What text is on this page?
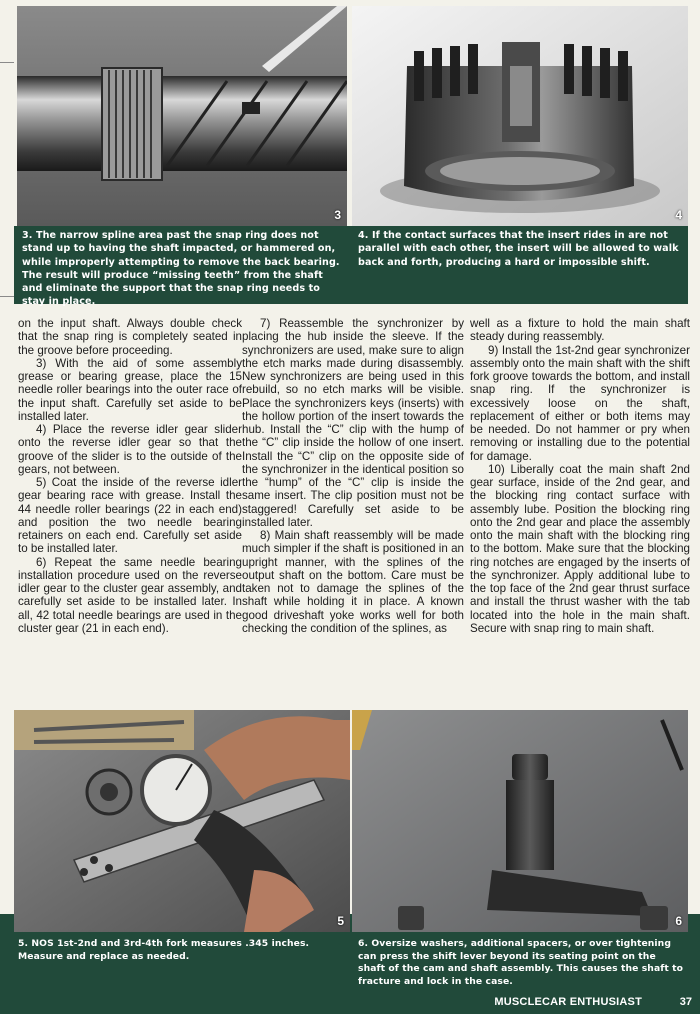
3	4
3. The narrow spline area past the snap ring does not stand up to having the shaft impacted, or hammered on, while improperly attempting to remove the back bearing. The result will produce “missing teeth” from the shaft and eliminate the support that the snap ring needs to stay in place.
4. If the contact surfaces that the insert rides in are not parallel with each other, the insert will be allowed to walk back and forth, producing a hard or impossible shift.

on the input shaft. Always double check that the snap ring is completely seated in the groove before proceeding.

3) With the aid of some assembly grease or bearing grease, place the 15 needle roller bearings into the outer race of the input shaft. Carefully set aside to be installed later.

4) Place the reverse idler gear slider onto the reverse idler gear so that the groove of the slider is to the outside of the gears, not between.

5) Coat the inside of the reverse idler gear bearing race with grease. Install the 44 needle roller bearings (22 in each end) and position the two needle bearing retainers on each end. Carefully set aside to be installed later.

6) Repeat the same needle bearing installation procedure used on the reverse idler gear to the cluster gear assembly, and carefully set aside to be installed later. In all, 42 total needle bearings are used in the cluster gear (21 in each end).

7) Reassemble the synchronizer by placing the hub inside the sleeve. If the synchronizers are used, make sure to align the etch marks made during disassembly. New synchronizers are being used in this rebuild, so no etch marks will be visible. Place the synchronizers keys (inserts) with the hollow portion of the insert towards the hub. Install the “C” clip with the hump of the “C” clip inside the hollow of one insert. Install the “C” clip on the opposite side of the synchronizer in the identical position so the “hump” of the “C” clip is inside the same insert. The clip position must not be staggered! Carefully set aside to be installed later.

8) Main shaft reassembly will be made much simpler if the shaft is positioned in an upright manner, with the splines of the output shaft on the bottom. Care must be taken not to damage the splines of the shaft while holding it in place. A known good driveshaft yoke works well for both checking the condition of the splines, as

well as a fixture to hold the main shaft steady during reassembly.

9) Install the 1st-2nd gear synchronizer assembly onto the main shaft with the shift fork groove towards the bottom, and install snap ring. If the synchronizer is excessively loose on the shaft, replacement of either or both items may be needed. Do not hammer or pry when removing or installing due to the potential for damage.

10) Liberally coat the main shaft 2nd gear surface, inside of the 2nd gear, and the blocking ring contact surface with assembly lube. Position the blocking ring onto the 2nd gear and place the assembly onto the main shaft with the blocking ring to the bottom. Make sure that the blocking ring notches are engaged by the inserts of the synchronizer. Apply additional lube to the top face of the 2nd gear thrust surface and install the thrust washer with the tab located into the hole in the main shaft. Secure with snap ring to main shaft.

5	6
5. NOS 1st-2nd and 3rd-4th fork measures .345 inches. Measure and replace as needed.
6. Oversize washers, additional spacers, or over tightening can press the shift lever beyond its seating point on the shaft of the cam and shaft assembly. This causes the shaft to fracture and lock in the case.
MUSCLECAR ENTHUSIAST	37
